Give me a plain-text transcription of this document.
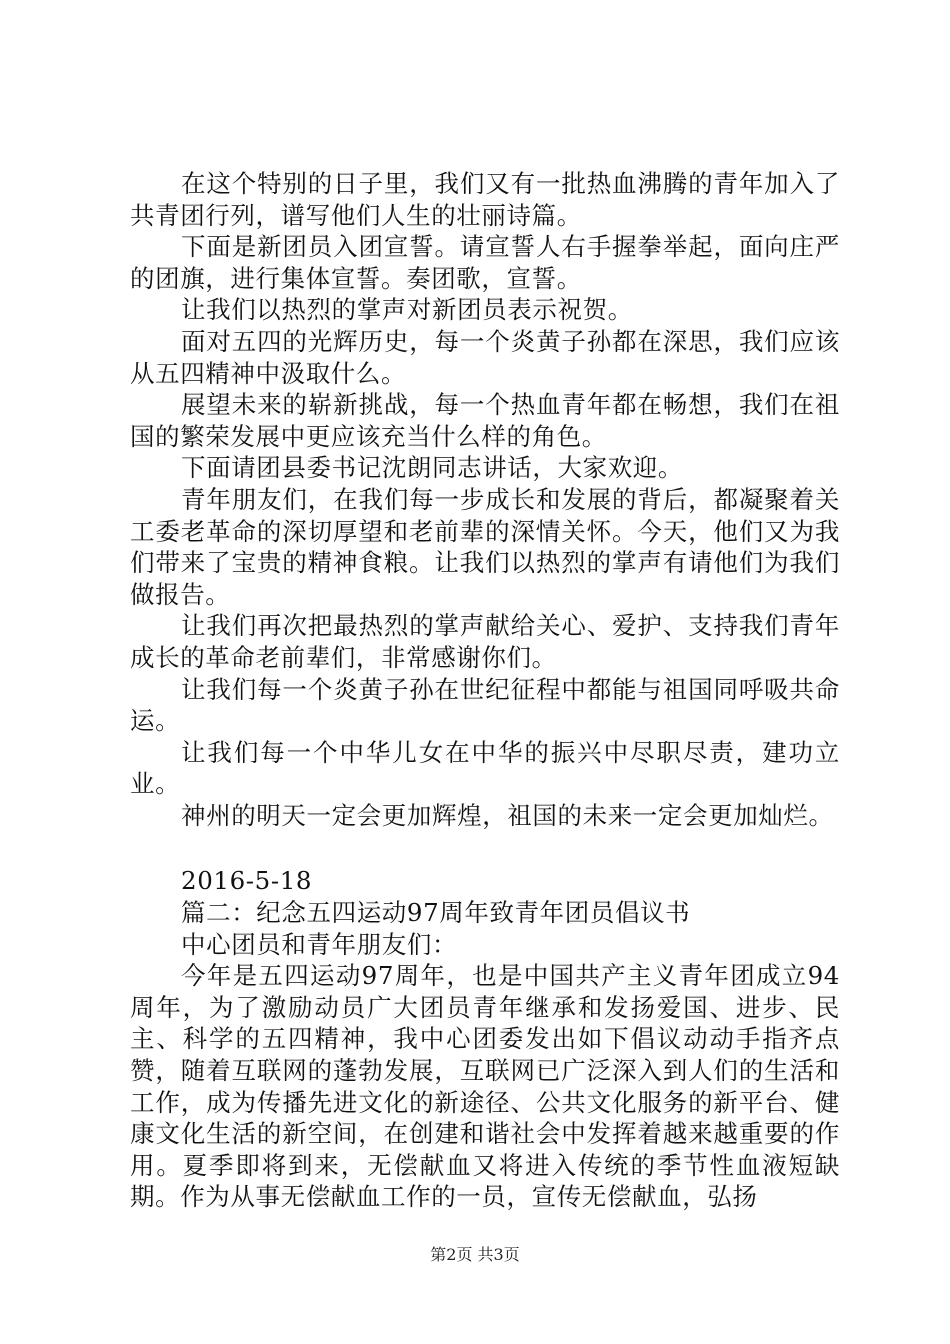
在这个特别的日子里，我们又有一批热血沸腾的青年加入了共青团行列，谱写他们人生的壮丽诗篇。

下面是新团员入团宣誓。请宣誓人右手握拳举起，面向庄严的团旗，进行集体宣誓。奏团歌，宣誓。

让我们以热烈的掌声对新团员表示祝贺。

面对五四的光辉历史，每一个炎黄子孙都在深思，我们应该从五四精神中汲取什么。

展望未来的崭新挑战，每一个热血青年都在畅想，我们在祖国的繁荣发展中更应该充当什么样的角色。

下面请团县委书记沈朗同志讲话，大家欢迎。

青年朋友们，在我们每一步成长和发展的背后，都凝聚着关工委老革命的深切厚望和老前辈的深情关怀。今天，他们又为我们带来了宝贵的精神食粮。让我们以热烈的掌声有请他们为我们做报告。

让我们再次把最热烈的掌声献给关心、爱护、支持我们青年成长的革命老前辈们，非常感谢你们。

让我们每一个炎黄子孙在世纪征程中都能与祖国同呼吸共命运。

让我们每一个中华儿女在中华的振兴中尽职尽责，建功立业。

神州的明天一定会更加辉煌，祖国的未来一定会更加灿烂。

2016-5-18

篇二：纪念五四运动97周年致青年团员倡议书

中心团员和青年朋友们：

今年是五四运动97周年，也是中国共产主义青年团成立94周年，为了激励动员广大团员青年继承和发扬爱国、进步、民主、科学的五四精神，我中心团委发出如下倡议动动手指齐点赞，随着互联网的蓬勃发展，互联网已广泛深入到人们的生活和工作，成为传播先进文化的新途径、公共文化服务的新平台、健康文化生活的新空间，在创建和谐社会中发挥着越来越重要的作用。夏季即将到来，无偿献血又将进入传统的季节性血液短缺期。作为从事无偿献血工作的一员，宣传无偿献血，弘扬

第2页 共3页
